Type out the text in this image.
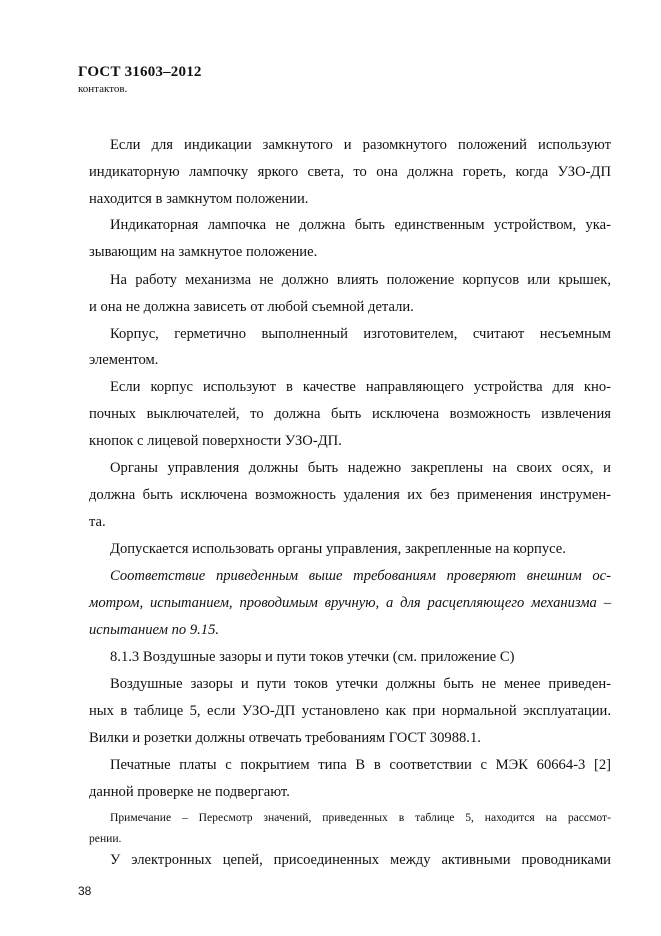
ГОСТ 31603–2012
контактов.
Если для индикации замкнутого и разомкнутого положений используют
индикаторную лампочку яркого света, то она должна гореть, когда УЗО-ДП
находится в замкнутом положении.
Индикаторная лампочка не должна быть единственным устройством, ука-
зывающим на замкнутое положение.
На работу механизма не должно влиять положение корпусов или крышек,
и она не должна зависеть от любой съемной детали.
Корпус, герметично выполненный изготовителем, считают несъемным
элементом.
Если корпус используют в качестве направляющего устройства для кно-
почных выключателей, то должна быть исключена возможность извлечения
кнопок с лицевой поверхности УЗО-ДП.
Органы управления должны быть надежно закреплены на своих осях, и
должна быть исключена возможность удаления их без применения инструмен-
та.
Допускается использовать органы управления, закрепленные на корпусе.
Соответствие приведенным выше требованиям проверяют внешним ос-
мотром, испытанием, проводимым вручную, а для расцепляющего механизма –
испытанием по 9.15.
8.1.3 Воздушные зазоры и пути токов утечки (см. приложение С)
Воздушные зазоры и пути токов утечки должны быть не менее приведен-
ных в таблице 5, если УЗО-ДП установлено как при нормальной эксплуатации.
Вилки и розетки должны отвечать требованиям ГОСТ 30988.1.
Печатные платы с покрытием типа В в соответствии с МЭК 60664-3 [2]
данной проверке не подвергают.
Примечание – Пересмотр значений, приведенных в таблице 5, находится на рассмот-
рении.
У электронных цепей, присоединенных между активными проводниками
38
